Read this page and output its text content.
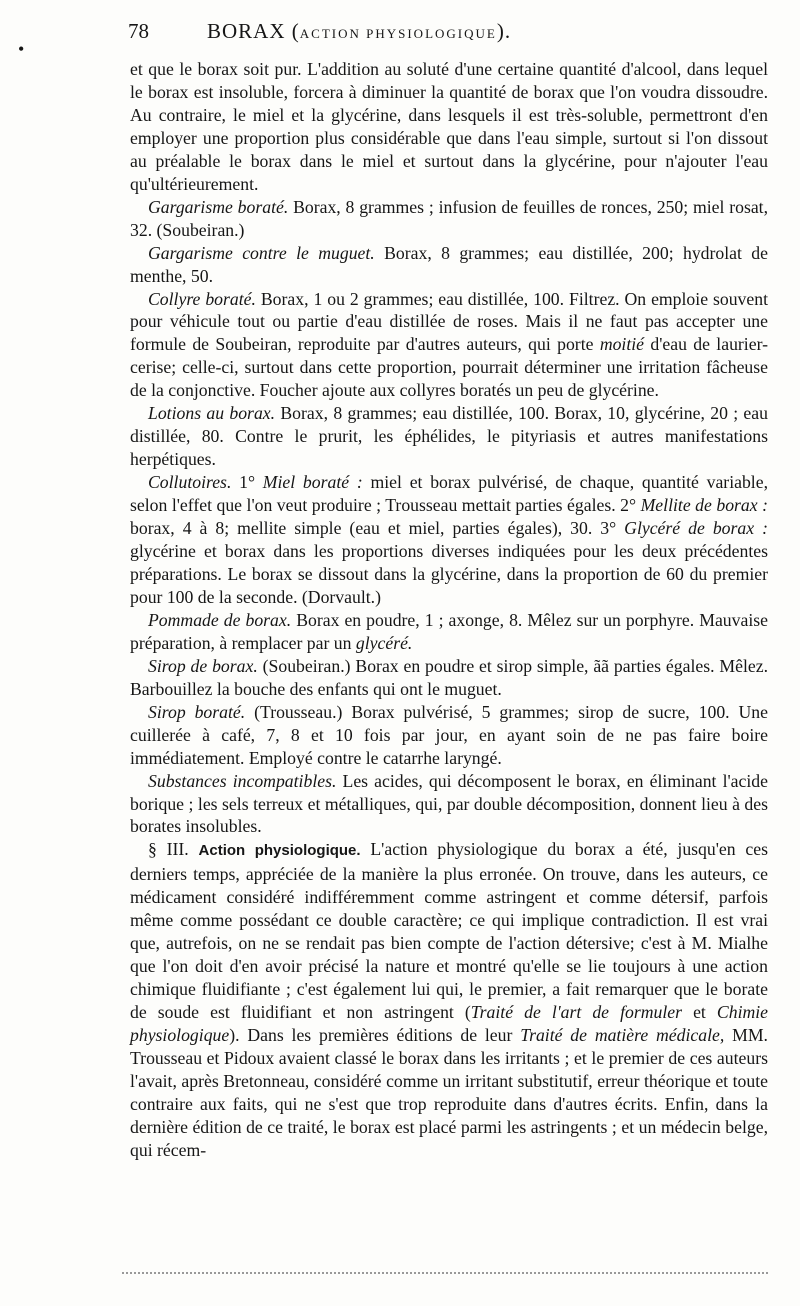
•
78	BORAX (ACTION PHYSIOLOGIQUE).

et que le borax soit pur. L'addition au soluté d'une certaine quantité d'alcool, dans lequel le borax est insoluble, forcera à diminuer la quantité de borax que l'on voudra dissoudre. Au contraire, le miel et la glycérine, dans lesquels il est très-soluble, permettront d'en employer une proportion plus considérable que dans l'eau simple, surtout si l'on dissout au préalable le borax dans le miel et surtout dans la glycérine, pour n'ajouter l'eau qu'ultérieurement.

Gargarisme boraté. Borax, 8 grammes ; infusion de feuilles de ronces, 250; miel rosat, 32. (Soubeiran.)

Gargarisme contre le muguet. Borax, 8 grammes; eau distillée, 200; hydrolat de menthe, 50.

Collyre boraté. Borax, 1 ou 2 grammes; eau distillée, 100. Filtrez. On emploie souvent pour véhicule tout ou partie d'eau distillée de roses. Mais il ne faut pas accepter une formule de Soubeiran, reproduite par d'autres auteurs, qui porte moitié d'eau de laurier-cerise; celle-ci, surtout dans cette proportion, pourrait déterminer une irritation fâcheuse de la conjonctive. Foucher ajoute aux collyres boratés un peu de glycérine.

Lotions au borax. Borax, 8 grammes; eau distillée, 100. Borax, 10, glycérine, 20 ; eau distillée, 80. Contre le prurit, les éphélides, le pityriasis et autres manifestations herpétiques.

Collutoires. 1° Miel boraté : miel et borax pulvérisé, de chaque, quantité variable, selon l'effet que l'on veut produire ; Trousseau mettait parties égales. 2° Mellite de borax : borax, 4 à 8; mellite simple (eau et miel, parties égales), 30. 3° Glycéré de borax : glycérine et borax dans les proportions diverses indiquées pour les deux précédentes préparations. Le borax se dissout dans la glycérine, dans la proportion de 60 du premier pour 100 de la seconde. (Dorvault.)

Pommade de borax. Borax en poudre, 1 ; axonge, 8. Mêlez sur un porphyre. Mauvaise préparation, à remplacer par un glycéré.

Sirop de borax. (Soubeiran.) Borax en poudre et sirop simple, ãã parties égales. Mêlez. Barbouillez la bouche des enfants qui ont le muguet.

Sirop boraté. (Trousseau.) Borax pulvérisé, 5 grammes; sirop de sucre, 100. Une cuillerée à café, 7, 8 et 10 fois par jour, en ayant soin de ne pas faire boire immédiatement. Employé contre le catarrhe laryngé.

Substances incompatibles. Les acides, qui décomposent le borax, en éliminant l'acide borique ; les sels terreux et métalliques, qui, par double décomposition, donnent lieu à des borates insolubles.

§ III. Action physiologique. L'action physiologique du borax a été, jusqu'en ces derniers temps, appréciée de la manière la plus erronée. On trouve, dans les auteurs, ce médicament considéré indifféremment comme astringent et comme détersif, parfois même comme possédant ce double caractère; ce qui implique contradiction. Il est vrai que, autrefois, on ne se rendait pas bien compte de l'action détersive; c'est à M. Mialhe que l'on doit d'en avoir précisé la nature et montré qu'elle se lie toujours à une action chimique fluidifiante ; c'est également lui qui, le premier, a fait remarquer que le borate de soude est fluidifiant et non astringent (Traité de l'art de formuler et Chimie physiologique). Dans les premières éditions de leur Traité de matière médicale, MM. Trousseau et Pidoux avaient classé le borax dans les irritants ; et le premier de ces auteurs l'avait, après Bretonneau, considéré comme un irritant substitutif, erreur théorique et toute contraire aux faits, qui ne s'est que trop reproduite dans d'autres écrits. Enfin, dans la dernière édition de ce traité, le borax est placé parmi les astringents ; et un médecin belge, qui récem-
